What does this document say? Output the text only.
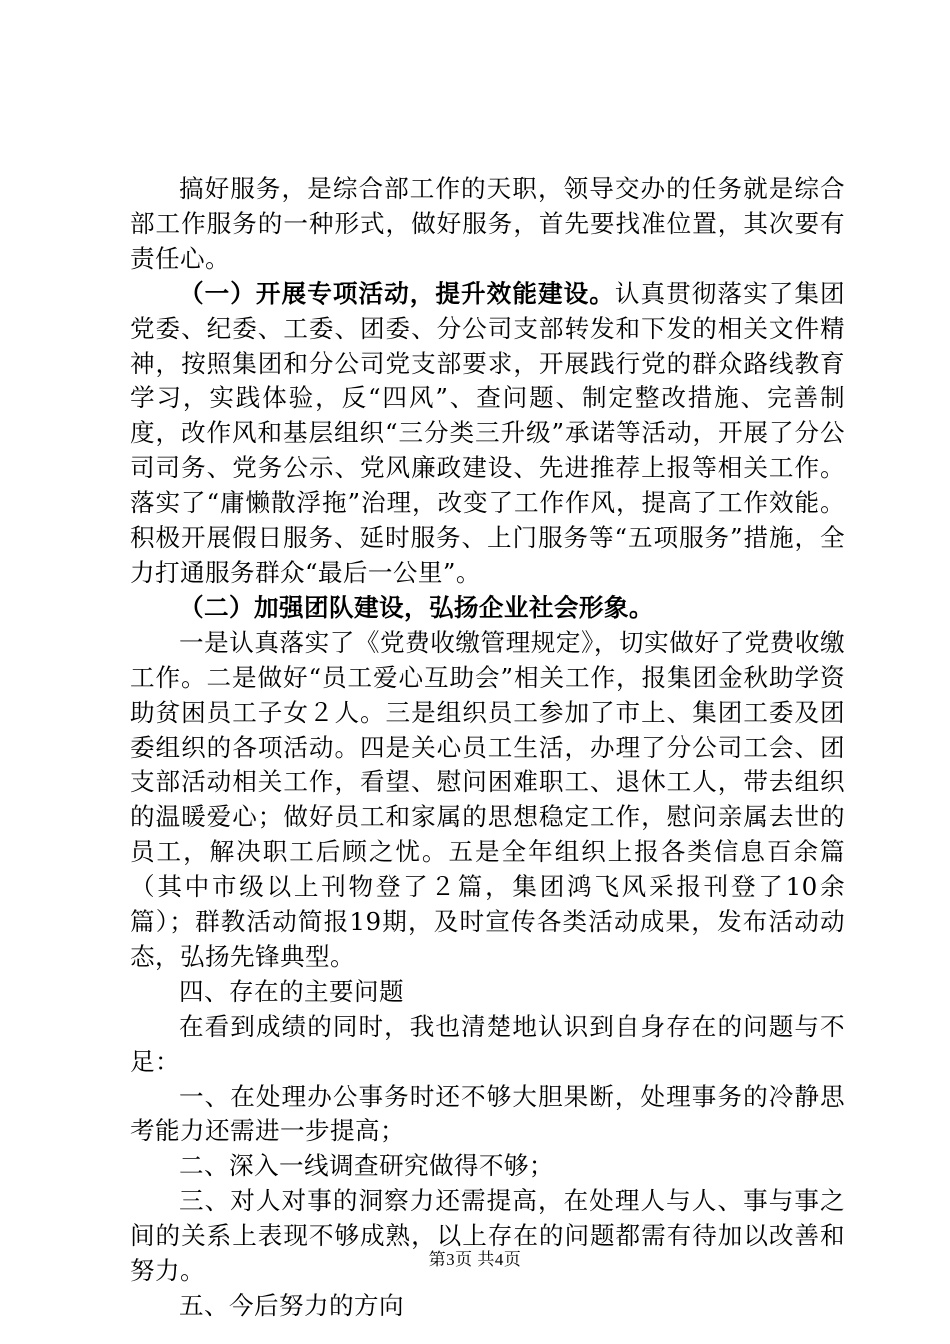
搞好服务，是综合部工作的天职，领导交办的任务就是综合部工作服务的一种形式，做好服务，首先要找准位置，其次要有责任心。

（一）开展专项活动，提升效能建设。认真贯彻落实了集团党委、纪委、工委、团委、分公司支部转发和下发的相关文件精神，按照集团和分公司党支部要求，开展践行党的群众路线教育学习，实践体验，反“四风”、查问题、制定整改措施、完善制度，改作风和基层组织“三分类三升级”承诺等活动，开展了分公司司务、党务公示、党风廉政建设、先进推荐上报等相关工作。落实了“庸懒散浮拖”治理，改变了工作作风，提高了工作效能。积极开展假日服务、延时服务、上门服务等“五项服务”措施，全力打通服务群众“最后一公里”。

（二）加强团队建设，弘扬企业社会形象。

一是认真落实了《党费收缴管理规定》，切实做好了党费收缴工作。二是做好“员工爱心互助会”相关工作，报集团金秋助学资助贫困员工子女２人。三是组织员工参加了市上、集团工委及团委组织的各项活动。四是关心员工生活，办理了分公司工会、团支部活动相关工作，看望、慰问困难职工、退休工人，带去组织的温暖爱心；做好员工和家属的思想稳定工作，慰问亲属去世的员工，解决职工后顾之忧。五是全年组织上报各类信息百余篇（其中市级以上刊物登了２篇，集团鸿飞风采报刊登了10余篇）；群教活动简报19期，及时宣传各类活动成果，发布活动动态，弘扬先锋典型。

四、存在的主要问题

在看到成绩的同时，我也清楚地认识到自身存在的问题与不足：

一、在处理办公事务时还不够大胆果断，处理事务的冷静思考能力还需进一步提高；

二、深入一线调查研究做得不够；

三、对人对事的洞察力还需提高，在处理人与人、事与事之间的关系上表现不够成熟，以上存在的问题都需有待加以改善和努力。

五、今后努力的方向

第3页 共4页
